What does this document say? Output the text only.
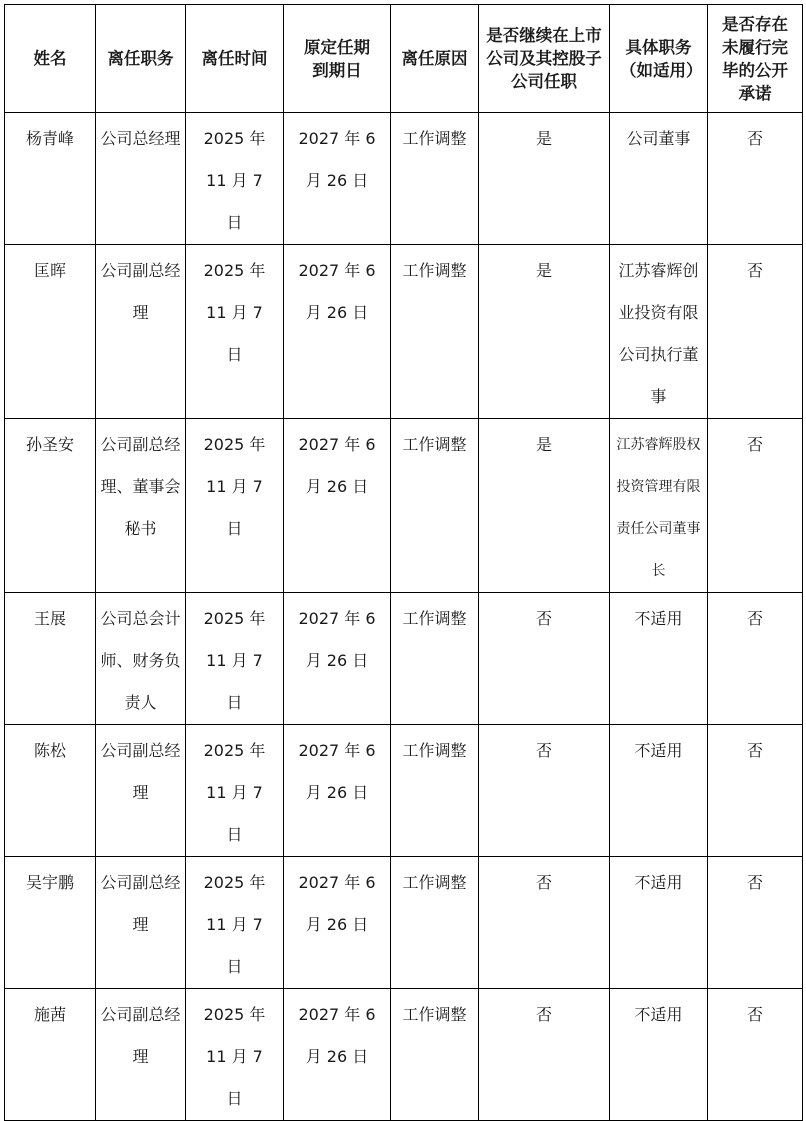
姓名	离任职务	离任时间	原定任期到期日	离任原因	是否继续在上市公司及其控股子公司任职	具体职务（如适用）	是否存在未履行完毕的公开承诺

杨青峰	公司总经理	2025 年 11 月 7 日	2027 年 6 月 26 日	工作调整	是	公司董事	否
匡晖	公司副总经理	2025 年 11 月 7 日	2027 年 6 月 26 日	工作调整	是	江苏睿辉创业投资有限公司执行董事	否
孙圣安	公司副总经理、董事会秘书	2025 年 11 月 7 日	2027 年 6 月 26 日	工作调整	是	江苏睿辉股权投资管理有限责任公司董事长	否
王展	公司总会计师、财务负责人	2025 年 11 月 7 日	2027 年 6 月 26 日	工作调整	否	不适用	否
陈松	公司副总经理	2025 年 11 月 7 日	2027 年 6 月 26 日	工作调整	否	不适用	否
吴宇鹏	公司副总经理	2025 年 11 月 7 日	2027 年 6 月 26 日	工作调整	否	不适用	否
施茜	公司副总经理	2025 年 11 月 7 日	2027 年 6 月 26 日	工作调整	否	不适用	否
